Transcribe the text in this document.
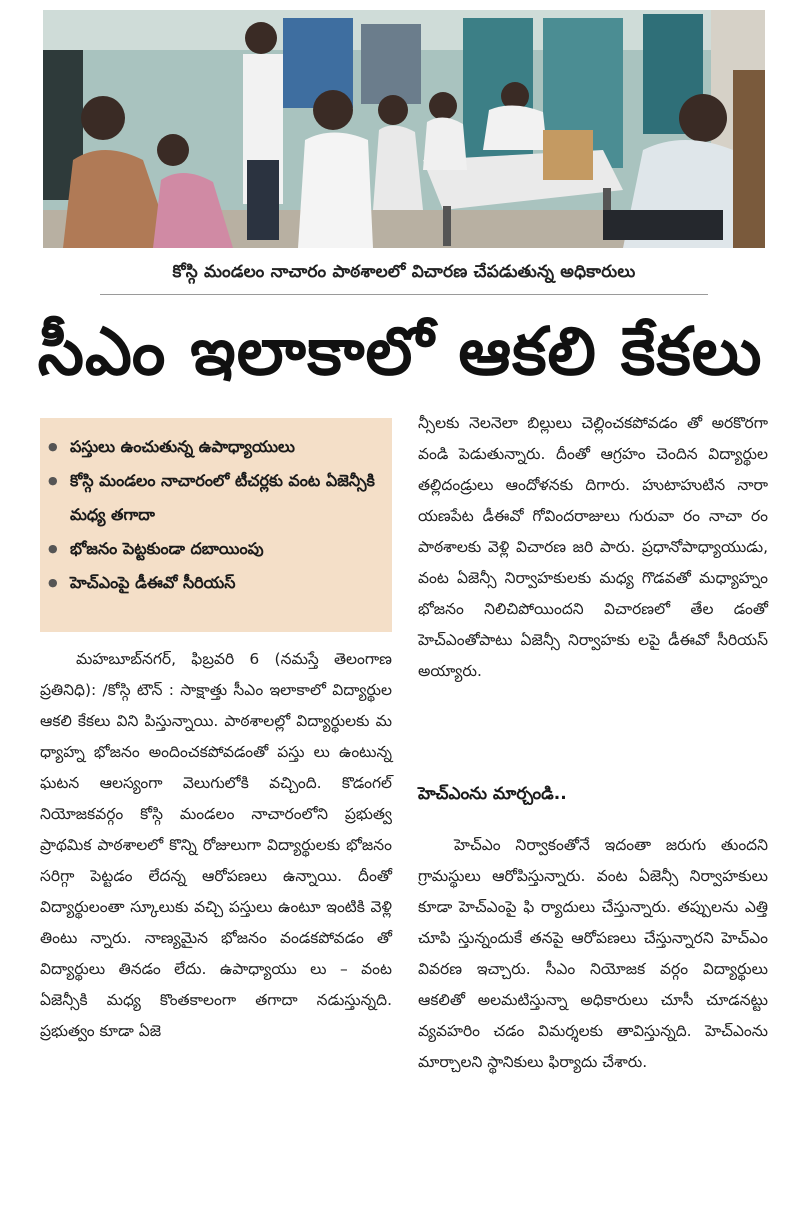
కోస్గి మండలం నాచారం పాఠశాలలో విచారణ చేపడుతున్న అధికారులు
సీఎం ఇలాకాలో ఆకలి కేకలు
● పస్తులు ఉంచుతున్న ఉపాధ్యాయులు
● కోస్గి మండలం నాచారంలో టీచర్లకు వంట ఏజెన్సీకి మధ్య తగాదా
● భోజనం పెట్టకుండా దబాయింపు
● హెచ్ఎంపై డీఈవో సీరియస్
మహబూబ్‌నగర్, ఫిబ్రవరి 6 (నమస్తే తెలంగాణ ప్రతినిధి): /కోస్గి టౌన్ : సాక్షాత్తు సీఎం ఇలాకాలో విద్యార్థుల ఆకలి కేకలు విని పిస్తున్నాయి. పాఠశాలల్లో విద్యార్థులకు మ ధ్యాహ్న భోజనం అందించకపోవడంతో పస్తు లు ఉంటున్న ఘటన ఆలస్యంగా వెలుగులోకి వచ్చింది. కొడంగల్ నియోజకవర్గం కోస్గి మండలం నాచారంలోని ప్రభుత్వ ప్రాథమిక పాఠశాలలో కొన్ని రోజులుగా విద్యార్థులకు భోజనం సరిగ్గా పెట్టడం లేదన్న ఆరోపణలు ఉన్నాయి. దీంతో విద్యార్థులంతా స్కూలుకు వచ్చి పస్తులు ఉంటూ ఇంటికి వెళ్లి తింటు న్నారు. నాణ్యమైన భోజనం వండకపోవడం తో విద్యార్థులు తినడం లేదు. ఉపాధ్యాయు లు – వంట ఏజెన్సీకి మధ్య కొంతకాలంగా తగాదా నడుస్తున్నది. ప్రభుత్వం కూడా ఏజె
న్సీలకు నెలనెలా బిల్లులు చెల్లించకపోవడం తో అరకొరగా వండి పెడుతున్నారు. దీంతో ఆగ్రహం చెందిన విద్యార్థుల తల్లిదండ్రులు ఆందోళనకు దిగారు. హుటాహుటిన నారా యణపేట డీఈవో గోవిందరాజులు గురువా రం నాచా రం పాఠశాలకు వెళ్లి విచారణ జరి పారు. ప్రధానోపాధ్యాయుడు, వంట ఏజెన్సీ నిర్వాహకులకు మధ్య గొడవతో మధ్యాహ్నం భోజనం నిలిచిపోయిందని విచారణలో తేల డంతో హెచ్ఎంతోపాటు ఏజెన్సీ నిర్వాహకు లపై డీఈవో సీరియస్ అయ్యారు.
హెచ్ఎంను మార్చండి..
హెచ్ఎం నిర్వాకంతోనే ఇదంతా జరుగు తుందని గ్రామస్థులు ఆరోపిస్తున్నారు. వంట ఏజెన్సీ నిర్వాహకులు కూడా హెచ్ఎంపై ఫి ర్యాదులు చేస్తున్నారు. తప్పులను ఎత్తి చూపి స్తున్నందుకే తనపై ఆరోపణలు చేస్తున్నారని హెచ్ఎం వివరణ ఇచ్చారు. సీఎం నియోజక వర్గం విద్యార్థులు ఆకలితో అలమటిస్తున్నా అధికారులు చూసీ చూడనట్టు వ్యవహరిం చడం విమర్శలకు తావిస్తున్నది. హెచ్ఎంను మార్చాలని స్థానికులు ఫిర్యాదు చేశారు.
